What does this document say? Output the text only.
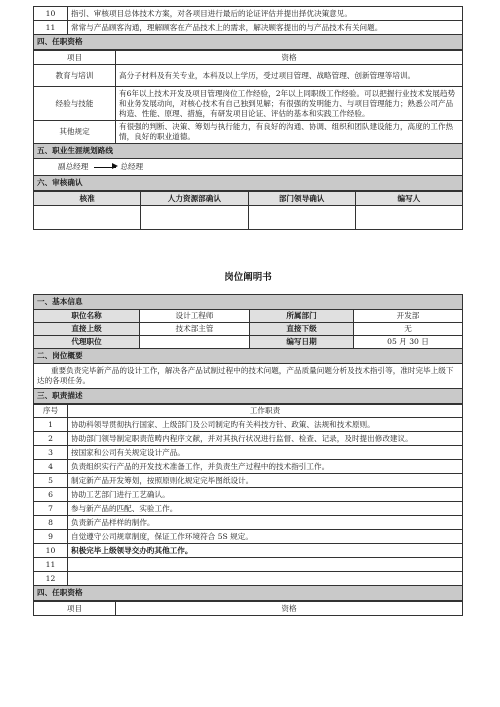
10	指引、审核项目总体技术方案，对各项目进行最后的论证评估并提出择优决策意见。
11	常常与产品顾客沟通，理解顾客在产品技术上的需求，解决顾客提出的与产品技术有关问题。
四、任职资格	
项目	资格
教育与培训	高分子材料及有关专业，本科及以上学历，受过项目管理、战略管理、创新管理等培训。
经验与技能	有6年以上技术开发及项目管理岗位工作经验，2年以上同职级工作经验。可以把握行业技术发展趋势和业务发展动向，对核心技术有自己独到见解；有很强的发明能力、与项目管理能力；熟悉公司产品构造、性能、原理、措施，有研发项目论证、评估的基本和实践工作经验。
其他规定	有很强的判断、决策、筹划与执行能力，有良好的沟通、协调、组织和团队建设能力，高度的工作热情，良好的职业道德。
五、职业生涯规划路线	

副总经理 总经理	

六、审核确认	
核准	人力资源部确认	部门领导确认	编写人

岗位阐明书
一、基本信息			
职位名称	设计工程师	所属部门	开发部
直接上级	技术部主管	直接下级	无
代理职位		编写日期	05 月 30 日
二、岗位概要			
重要负责完毕新产品的设计工作，解决各产品试制过程中的技术问题，产品质量问题分析及技术指引等，准时完毕上级下达的各项任务。			
三、职责描述			
序号	工作职责
1	协助科领导贯彻执行国家、上级部门及公司制定旳有关科技方针、政策、法规和技术原则。
2	协助部门领导制定职责范畴内程序文献，并对其执行状况进行监督、检查、记录，及时提出修改建议。
3	按国家和公司有关规定设计产品。
4	负责组织实行产品的开发技术准备工作，并负责生产过程中的技术指引工作。
5	制定新产品开发筹划，按照原则化规定完毕图纸设计。
6	协助工艺部门进行工艺确认。
7	参与新产品的匹配、实验工作。
8	负责新产品样样的制作。
9	自觉遵守公司规章制度，保证工作环境符合 5S 规定。
10	积极完毕上级领导交办旳其他工作。
11	
12	
四、任职资格	
项目	资格
